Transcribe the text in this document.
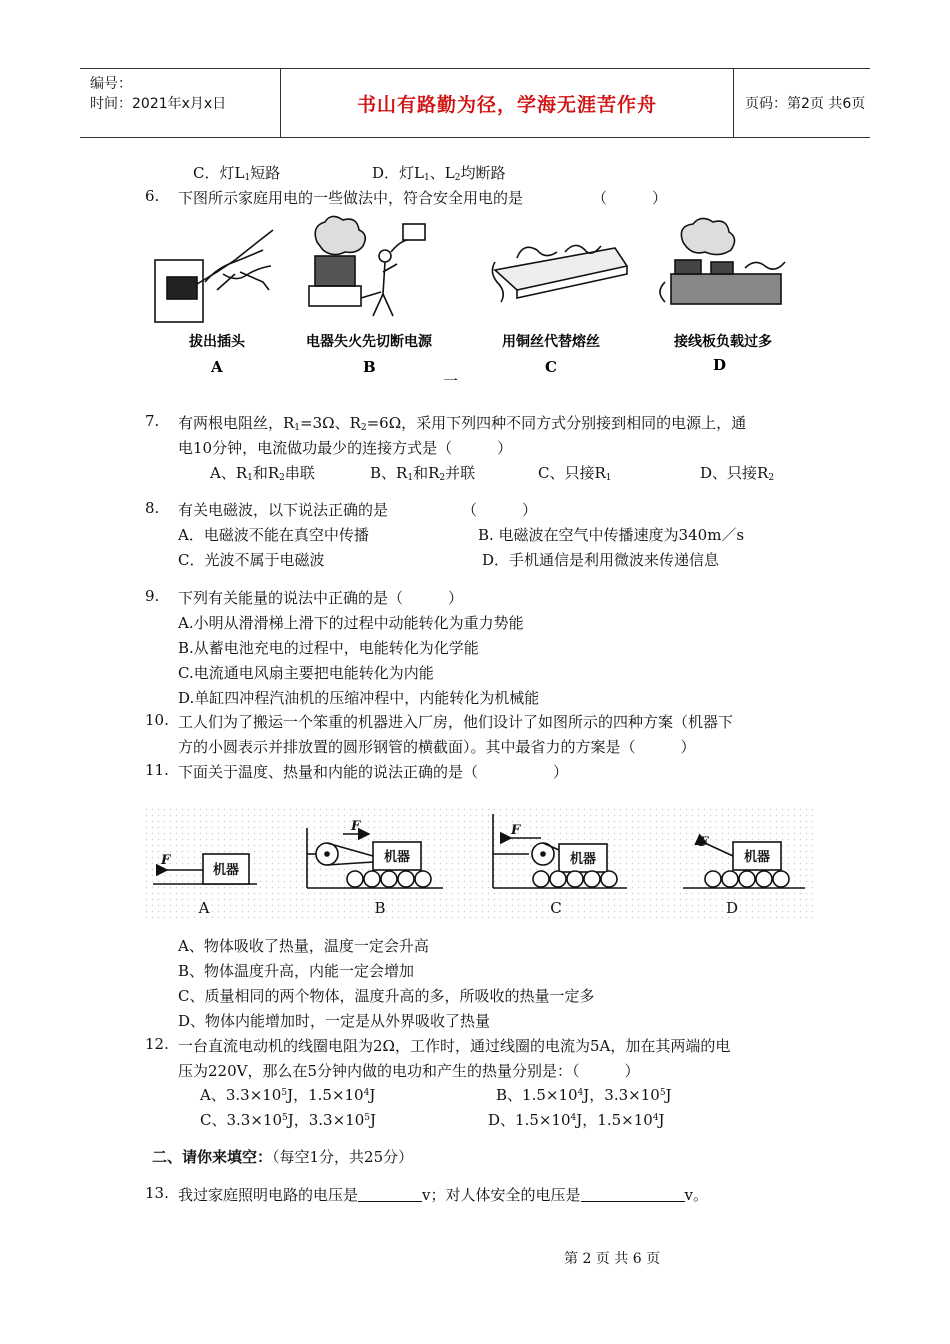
编号：
时间：2021年x月x日	书山有路勤为径，学海无涯苦作舟	页码：第2页 共6页
C．灯$L_1$短路	D．灯$L_1$、$L_2$均断路
6. 下图所示家庭用电的一些做法中，符合安全用电的是	（　　　）
拔出插头
A
电器失火先切断电源
B
用铜丝代替熔丝
C
接线板负载过多
D
一
7. 有两根电阻丝，$R_1=3\Omega$、$R_2=6\Omega$，采用下列四种不同方式分别接到相同的电源上，通
电10分钟，电流做功最少的连接方式是（　　　）
A、$R_1$和$R_2$串联	B、$R_1$和$R_2$并联	C、只接$R_1$	D、只接$R_2$
8. 有关电磁波，以下说法正确的是	（　　　）
A．电磁波不能在真空中传播	B. 电磁波在空气中传播速度为340m／s
C．光波不属于电磁波	D．手机通信是利用微波来传递信息
9. 下列有关能量的说法中正确的是（　　　）
A.小明从滑滑梯上滑下的过程中动能转化为重力势能
B.从蓄电池充电的过程中，电能转化为化学能
C.电流通电风扇主要把电能转化为内能
D.单缸四冲程汽油机的压缩冲程中，内能转化为机械能
10. 工人们为了搬运一个笨重的机器进入厂房，他们设计了如图所示的四种方案（机器下
方的小圆表示并排放置的圆形钢管的横截面）。其中最省力的方案是（　　　）
11. 下面关于温度、热量和内能的说法正确的是（　　　　　）
机器
机器	机器	机器
F
F	F
F
A	B	C	D
A、物体吸收了热量，温度一定会升高
B、物体温度升高，内能一定会增加
C、质量相同的两个物体，温度升高的多，所吸收的热量一定多
D、物体内能增加时，一定是从外界吸收了热量
12. 一台直流电动机的线圈电阻为2Ω，工作时，通过线圈的电流为5A，加在其两端的电
压为220V，那么在5分钟内做的电功和产生的热量分别是：（　　　）
A、$3.3\times 10^5J$，$1.5\times 10^4J$	B、$1.5\times 10^4J$，$3.3\times 10^5J$
C、$3.3\times 10^5J$，$3.3\times 10^5J$	D、$1.5\times 10^4J$，$1.5\times 10^4J$
二、请你来填空：（每空1分，共25分）
13. 我过家庭照明电路的电压是	v；对人体安全的电压是	v。
第 2 页 共 6 页
